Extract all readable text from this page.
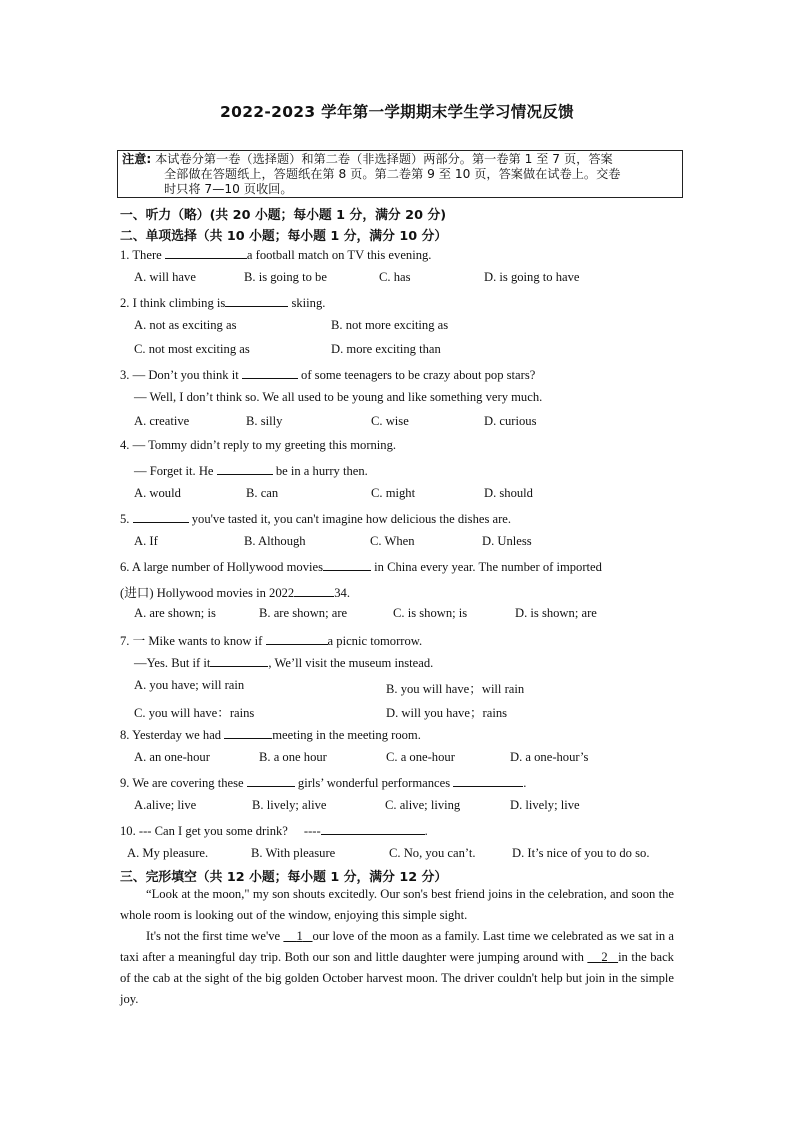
2022-2023 学年第一学期期末学生学习情况反馈
注意: 本试卷分第一卷（选择题）和第二卷（非选择题）两部分。第一卷第 1 至 7 页，答案
全部做在答题纸上，答题纸在第 8 页。第二卷第 9 至 10 页，答案做在试卷上。交卷
时只将 7—10 页收回。
一、听力（略）(共 20 小题；每小题 1 分，满分 20 分)
二、单项选择（共 10 小题；每小题 1 分，满分 10 分）
1. There	a football match on TV this evening.
A. will have	B. is going to be	C. has	D. is going to have
2. I think climbing is	skiing.
A. not as exciting as	B. not more exciting as
C. not most exciting as	D. more exciting than
3. — Don’t you think it	of some teenagers to be crazy about pop stars?
— Well, I don’t think so. We all used to be young and like something very much.
A. creative	B. silly	C. wise	D. curious
4. — Tommy didn’t reply to my greeting this morning.
— Forget it. He	be in a hurry then.
A. would	B. can	C. might	D. should
5.	you've tasted it, you can't imagine how delicious the dishes are.
A. If	B. Although	C. When	D. Unless
6. A large number of Hollywood movies	in China every year. The number of imported
(进口) Hollywood movies in 2022	34.
A. are shown; is	B. are shown; are	C. is shown; is	D. is shown; are
7. 一 Mike wants to know if	a picnic tomorrow.
—Yes. But if it	, We’ll visit the museum instead.
A. you have; will rain	B. you will have；will rain
C. you will have：rains	D. will you have；rains
8. Yesterday we had	meeting in the meeting room.
A. an one-hour	B. a one hour	C. a one-hour	D. a one-hour’s
9. We are covering these	girls’ wonderful performances	.
A.alive; live	B. lively; alive	C. alive; living	D. lively; live
10. --- Can I get you some drink? ----	.
A. My pleasure.	B. With pleasure	C. No, you can’t.	D. It’s nice of you to do so.
三、完形填空（共 12 小题；每小题 1 分，满分 12 分）
“Look at the moon," my son shouts excitedly. Our son's best friend joins in the celebration, and soon the whole room is looking out of the window, enjoying this simple sight.
It's not the first time we've     1 our love of the moon as a family. Last time we celebrated as we sat in a taxi after a meaningful day trip. Both our son and little daughter were jumping around with     2 in the back of the cab at the sight of the big golden October harvest moon. The driver couldn't help but join in the simple joy.
